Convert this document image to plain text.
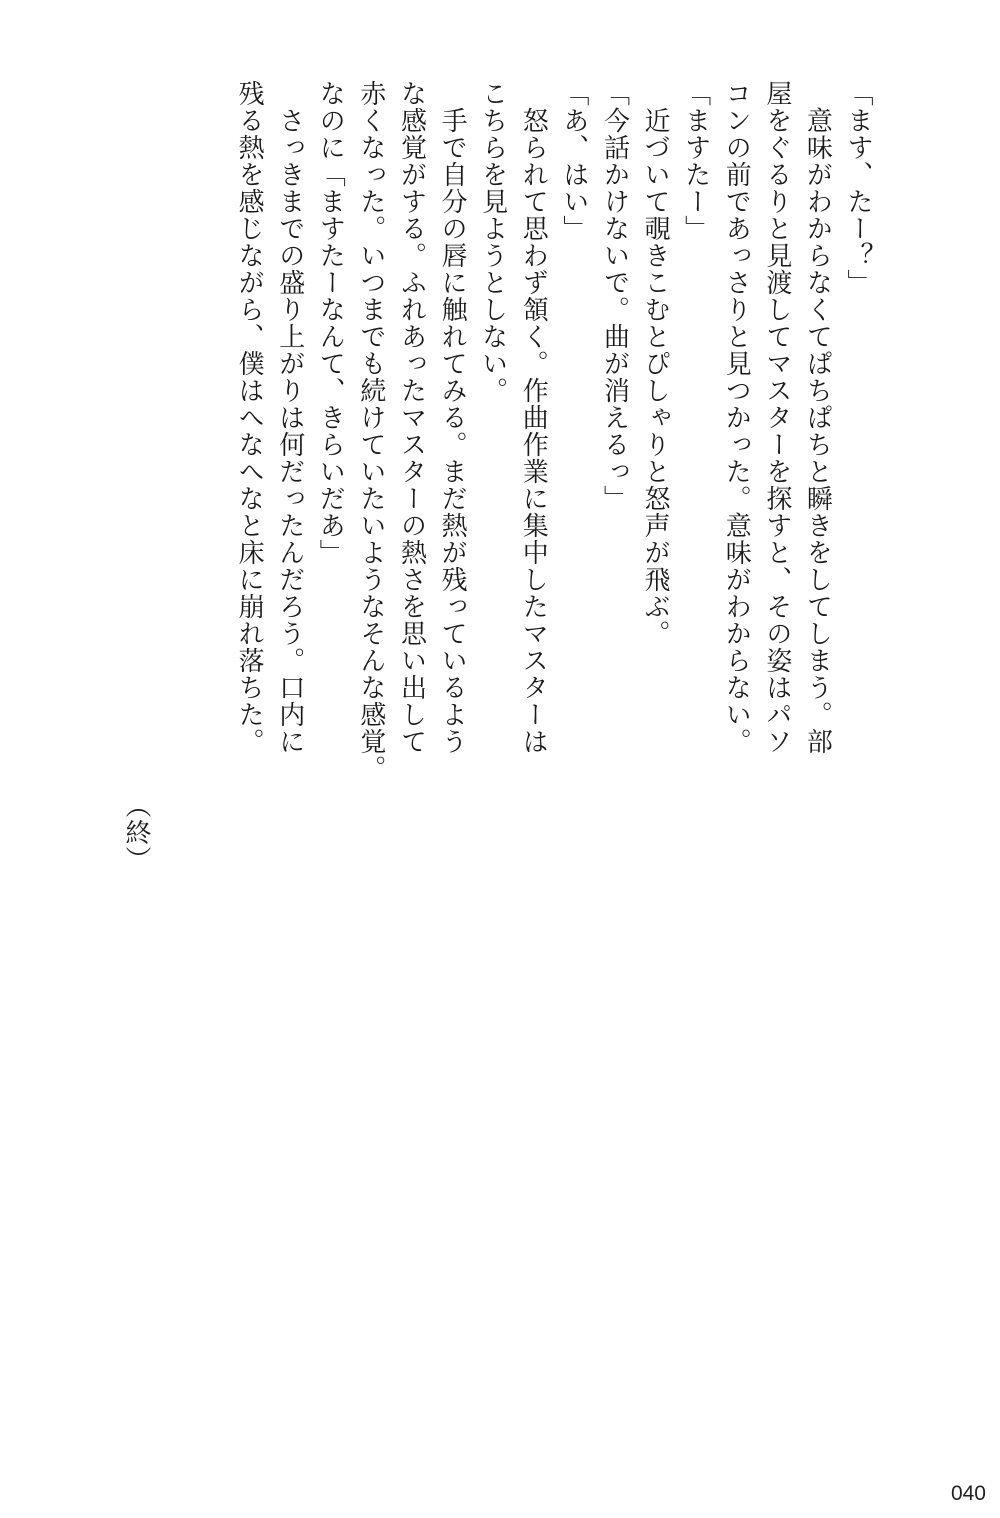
「ます、たー？」

　意味がわからなくてぱちぱちと瞬きをしてしまう。部

屋をぐるりと見渡してマスターを探すと、その姿はパソ

コンの前であっさりと見つかった。意味がわからない。

「ますたー」

　近づいて覗きこむとぴしゃりと怒声が飛ぶ。

「今話かけないで。曲が消えるっ」

「あ、はい」

　怒られて思わず頷く。作曲作業に集中したマスターは

こちらを見ようとしない。

　手で自分の唇に触れてみる。まだ熱が残っているよう

な感覚がする。ふれあったマスターの熱さを思い出して

赤くなった。いつまでも続けていたいようなそんな感覚。

なのに「ますたーなんて、きらいだあ」

　さっきまでの盛り上がりは何だったんだろう。口内に

残る熱を感じながら、僕はへなへなと床に崩れ落ちた。

（終）
040
